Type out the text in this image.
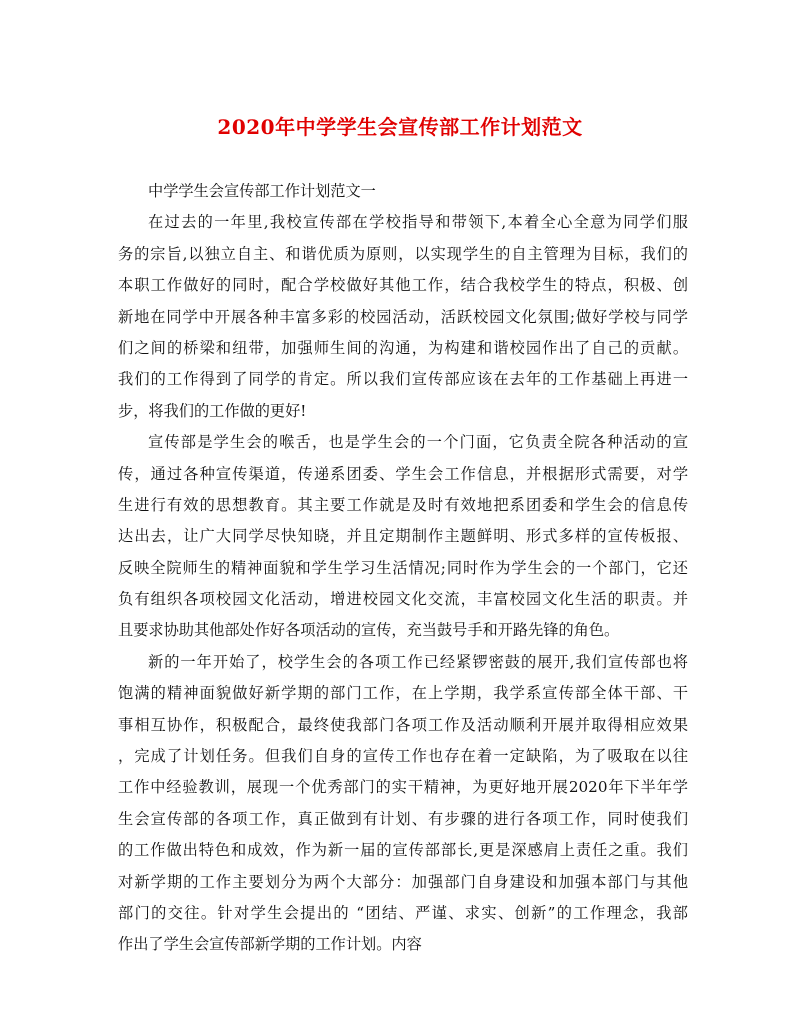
2020年中学学生会宣传部工作计划范文
中学学生会宣传部工作计划范文一
在过去的一年里,我校宣传部在学校指导和带领下,本着全心全意为同学们服
务的宗旨,以独立自主、和谐优质为原则，以实现学生的自主管理为目标，我们的
本职工作做好的同时，配合学校做好其他工作，结合我校学生的特点，积极、创
新地在同学中开展各种丰富多彩的校园活动，活跃校园文化氛围;做好学校与同学
们之间的桥梁和纽带，加强师生间的沟通，为构建和谐校园作出了自己的贡献。
我们的工作得到了同学的肯定。所以我们宣传部应该在去年的工作基础上再进一
步，将我们的工作做的更好!
宣传部是学生会的喉舌，也是学生会的一个门面，它负责全院各种活动的宣
传，通过各种宣传渠道，传递系团委、学生会工作信息，并根据形式需要，对学
生进行有效的思想教育。其主要工作就是及时有效地把系团委和学生会的信息传
达出去，让广大同学尽快知晓，并且定期制作主题鲜明、形式多样的宣传板报、
反映全院师生的精神面貌和学生学习生活情况;同时作为学生会的一个部门，它还
负有组织各项校园文化活动，增进校园文化交流，丰富校园文化生活的职责。并
且要求协助其他部处作好各项活动的宣传，充当鼓号手和开路先锋的角色。
新的一年开始了，校学生会的各项工作已经紧锣密鼓的展开,我们宣传部也将
饱满的精神面貌做好新学期的部门工作，在上学期，我学系宣传部全体干部、干
事相互协作，积极配合，最终使我部门各项工作及活动顺利开展并取得相应效果
，完成了计划任务。但我们自身的宣传工作也存在着一定缺陷，为了吸取在以往
工作中经验教训，展现一个优秀部门的实干精神，为更好地开展2020年下半年学
生会宣传部的各项工作，真正做到有计划、有步骤的进行各项工作，同时使我们
的工作做出特色和成效，作为新一届的宣传部部长,更是深感肩上责任之重。我们
对新学期的工作主要划分为两个大部分：加强部门自身建设和加强本部门与其他
部门的交往。针对学生会提出的 “团结、严谨、求实、创新”的工作理念，我部
作出了学生会宣传部新学期的工作计划。内容
